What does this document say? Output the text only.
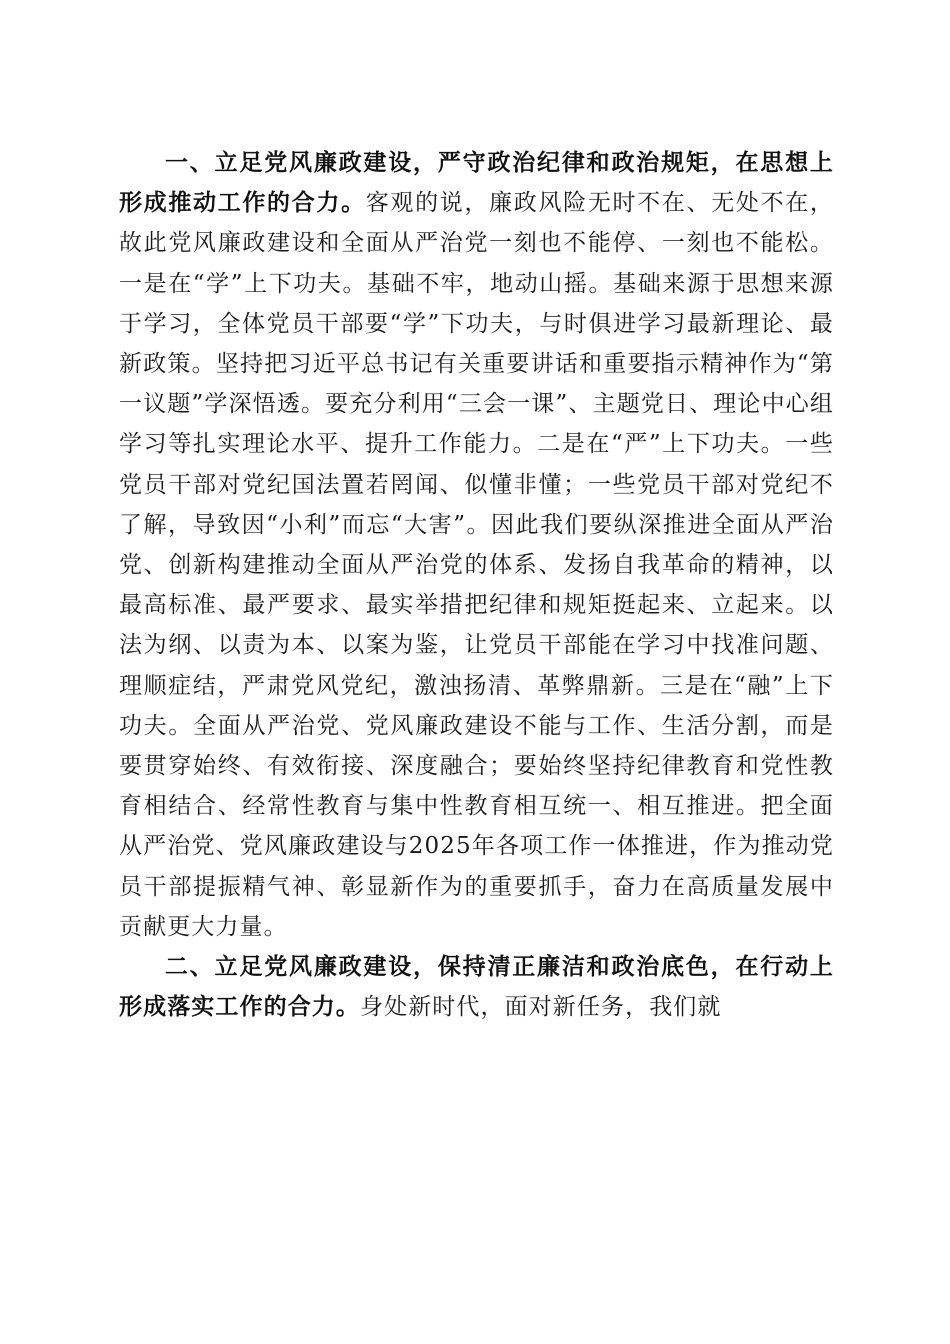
一、立足党风廉政建设，严守政治纪律和政治规矩，在思想上形成推动工作的合力。客观的说，廉政风险无时不在、无处不在，故此党风廉政建设和全面从严治党一刻也不能停、一刻也不能松。一是在“学”上下功夫。基础不牢，地动山摇。基础来源于思想来源于学习，全体党员干部要“学”下功夫，与时俱进学习最新理论、最新政策。坚持把习近平总书记有关重要讲话和重要指示精神作为“第一议题”学深悟透。要充分利用“三会一课”、主题党日、理论中心组学习等扎实理论水平、提升工作能力。二是在“严”上下功夫。一些党员干部对党纪国法置若罔闻、似懂非懂；一些党员干部对党纪不了解，导致因“小利”而忘“大害”。因此我们要纵深推进全面从严治党、创新构建推动全面从严治党的体系、发扬自我革命的精神，以最高标准、最严要求、最实举措把纪律和规矩挺起来、立起来。以法为纲、以责为本、以案为鉴，让党员干部能在学习中找准问题、理顺症结，严肃党风党纪，激浊扬清、革弊鼎新。三是在“融”上下功夫。全面从严治党、党风廉政建设不能与工作、生活分割，而是要贯穿始终、有效衔接、深度融合；要始终坚持纪律教育和党性教育相结合、经常性教育与集中性教育相互统一、相互推进。把全面从严治党、党风廉政建设与2025年各项工作一体推进，作为推动党员干部提振精气神、彰显新作为的重要抓手，奋力在高质量发展中贡献更大力量。

二、立足党风廉政建设，保持清正廉洁和政治底色，在行动上形成落实工作的合力。身处新时代，面对新任务，我们就
